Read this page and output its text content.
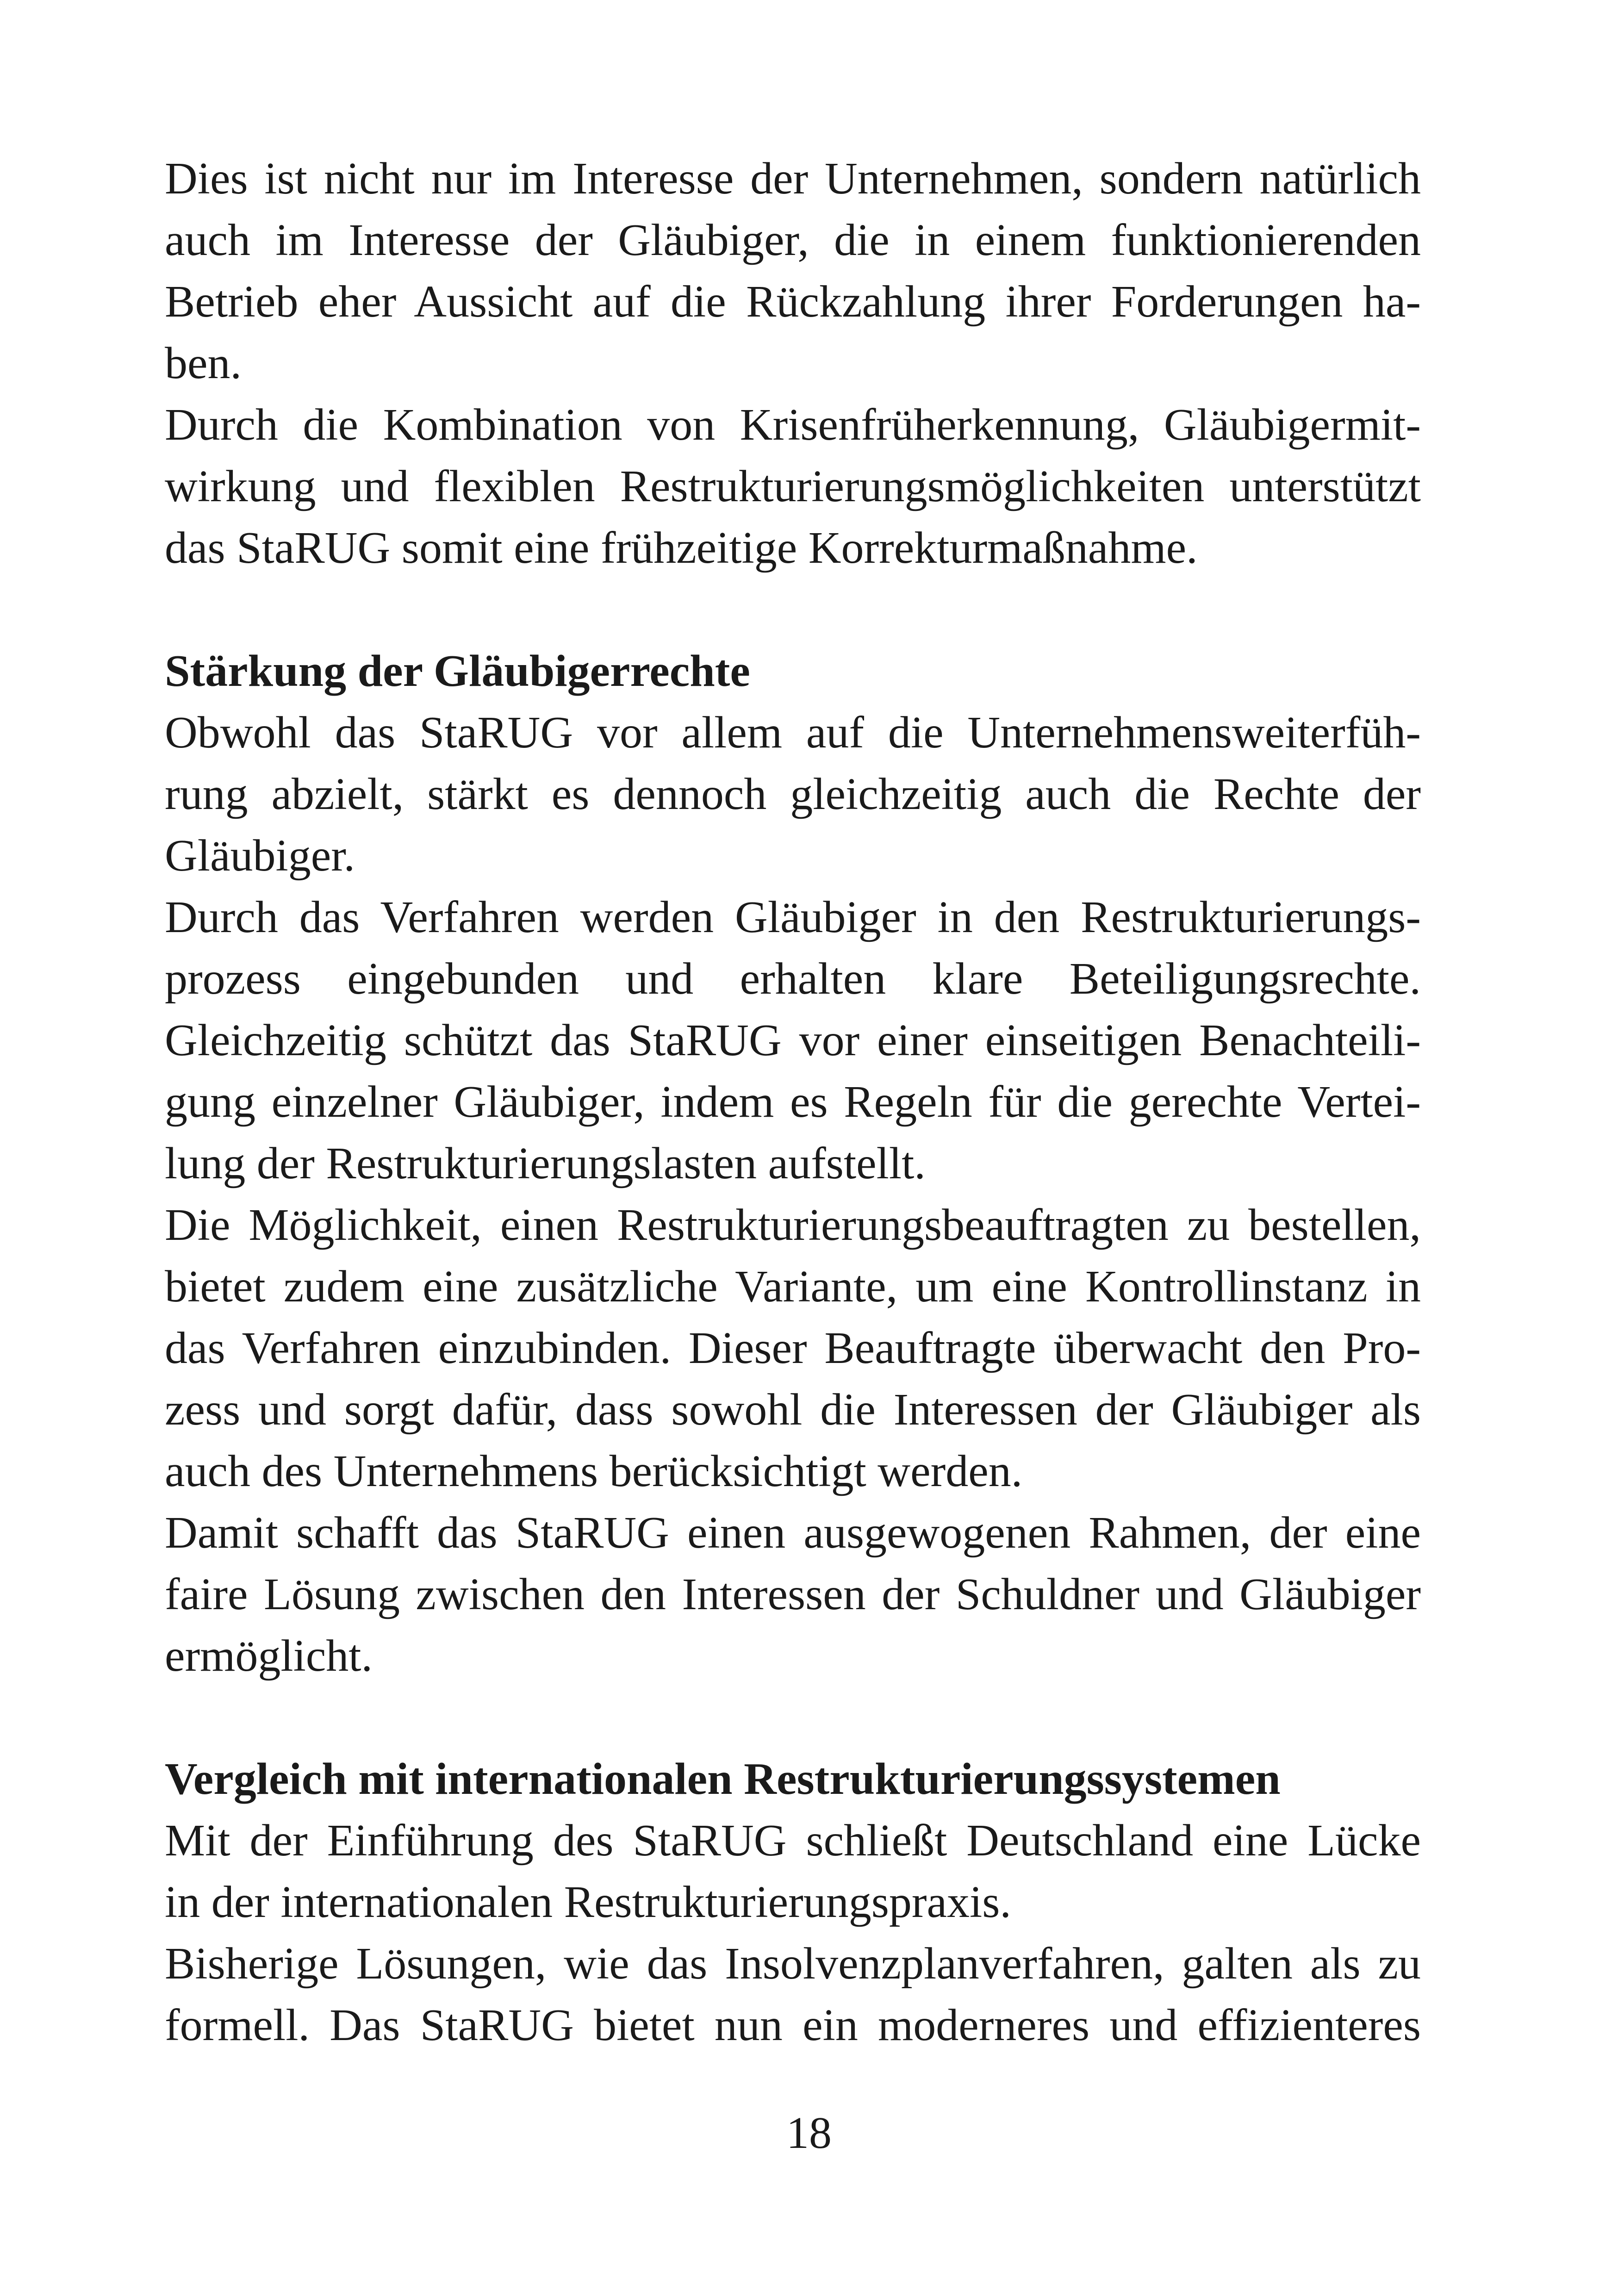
Dies ist nicht nur im Interesse der Unternehmen, sondern natürlich
auch im Interesse der Gläubiger, die in einem funktionierenden
Betrieb eher Aussicht auf die Rückzahlung ihrer Forderungen ha-
ben.
Durch die Kombination von Krisenfrüherkennung, Gläubigermit-
wirkung und flexiblen Restrukturierungsmöglichkeiten unterstützt
das StaRUG somit eine frühzeitige Korrekturmaßnahme.
Stärkung der Gläubigerrechte
Obwohl das StaRUG vor allem auf die Unternehmensweiterfüh-
rung abzielt, stärkt es dennoch gleichzeitig auch die Rechte der
Gläubiger.
Durch das Verfahren werden Gläubiger in den Restrukturierungs-
prozess eingebunden und erhalten klare Beteiligungsrechte.
Gleichzeitig schützt das StaRUG vor einer einseitigen Benachteili-
gung einzelner Gläubiger, indem es Regeln für die gerechte Vertei-
lung der Restrukturierungslasten aufstellt.
Die Möglichkeit, einen Restrukturierungsbeauftragten zu bestellen,
bietet zudem eine zusätzliche Variante, um eine Kontrollinstanz in
das Verfahren einzubinden. Dieser Beauftragte überwacht den Pro-
zess und sorgt dafür, dass sowohl die Interessen der Gläubiger als
auch des Unternehmens berücksichtigt werden.
Damit schafft das StaRUG einen ausgewogenen Rahmen, der eine
faire Lösung zwischen den Interessen der Schuldner und Gläubiger
ermöglicht.
Vergleich mit internationalen Restrukturierungssystemen
Mit der Einführung des StaRUG schließt Deutschland eine Lücke
in der internationalen Restrukturierungspraxis.
Bisherige Lösungen, wie das Insolvenzplanverfahren, galten als zu
formell. Das StaRUG bietet nun ein moderneres und effizienteres
18
